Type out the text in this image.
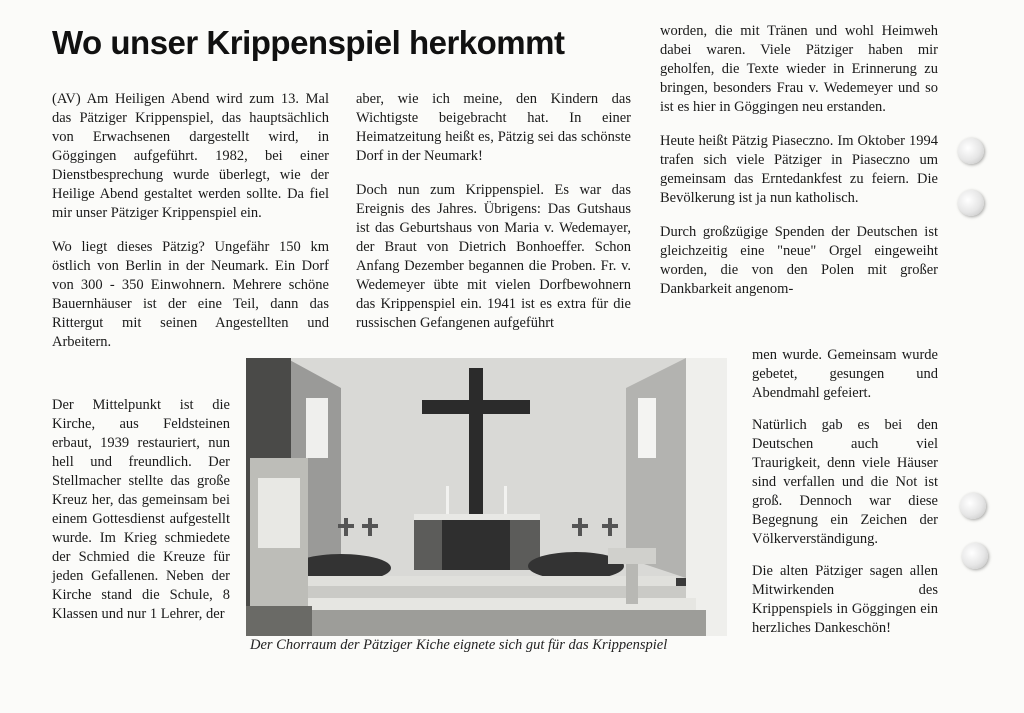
Wo unser Krippenspiel herkommt

(AV) Am Heiligen Abend wird zum 13. Mal das Pätziger Krippenspiel, das hauptsächlich von Erwachsenen dargestellt wird, in Göggingen aufgeführt. 1982, bei einer Dienstbesprechung wurde überlegt, wie der Heilige Abend gestaltet werden sollte. Da fiel mir unser Pätziger Krippenspiel ein.

Wo liegt dieses Pätzig? Ungefähr 150 km östlich von Berlin in der Neumark. Ein Dorf von 300 - 350 Einwohnern. Mehrere schöne Bauernhäuser ist der eine Teil, dann das Rittergut mit seinen Angestellten und Arbeitern.

Der Mittelpunkt ist die Kirche, aus Feldsteinen erbaut, 1939 restauriert, nun hell und freundlich. Der Stellmacher stellte das große Kreuz her, das gemeinsam bei einem Gottesdienst aufgestellt wurde. Im Krieg schmiedete der Schmied die Kreuze für jeden Gefallenen. Neben der Kirche stand die Schule, 8 Klassen und nur 1 Lehrer, der

aber, wie ich meine, den Kindern das Wichtigste beigebracht hat. In einer Heimatzeitung heißt es, Pätzig sei das schönste Dorf in der Neumark!

Doch nun zum Krippenspiel. Es war das Ereignis des Jahres. Übrigens: Das Gutshaus ist das Geburtshaus von Maria v. Wedemayer, der Braut von Dietrich Bonhoeffer. Schon Anfang Dezember begannen die Proben. Fr. v. Wedemeyer übte mit vielen Dorfbewohnern das Krippenspiel ein. 1941 ist es extra für die russischen Gefangenen aufgeführt

worden, die mit Tränen und wohl Heimweh dabei waren. Viele Pätziger haben mir geholfen, die Texte wieder in Erinnerung zu bringen, besonders Frau v. Wedemeyer und so ist es hier in Göggingen neu erstanden.

Heute heißt Pätzig Piaseczno. Im Oktober 1994 trafen sich viele Pätziger in Piaseczno um gemeinsam das Erntedankfest zu feiern. Die Bevölkerung ist ja nun katholisch.

Durch großzügige Spenden der Deutschen ist gleichzeitig eine "neue" Orgel eingeweiht worden, die von den Polen mit großer Dankbarkeit angenom-

men wurde. Gemeinsam wurde gebetet, gesungen und Abendmahl gefeiert.

Natürlich gab es bei den Deutschen auch viel Traurigkeit, denn viele Häuser sind verfallen und die Not ist groß. Dennoch war diese Begegnung ein Zeichen der Völkerverständigung.

Die alten Pätziger sagen allen Mitwirkenden des Krippenspiels in Göggingen ein herzliches Dankeschön!

Der Chorraum der Pätziger Kiche eignete sich gut für das Krippenspiel
